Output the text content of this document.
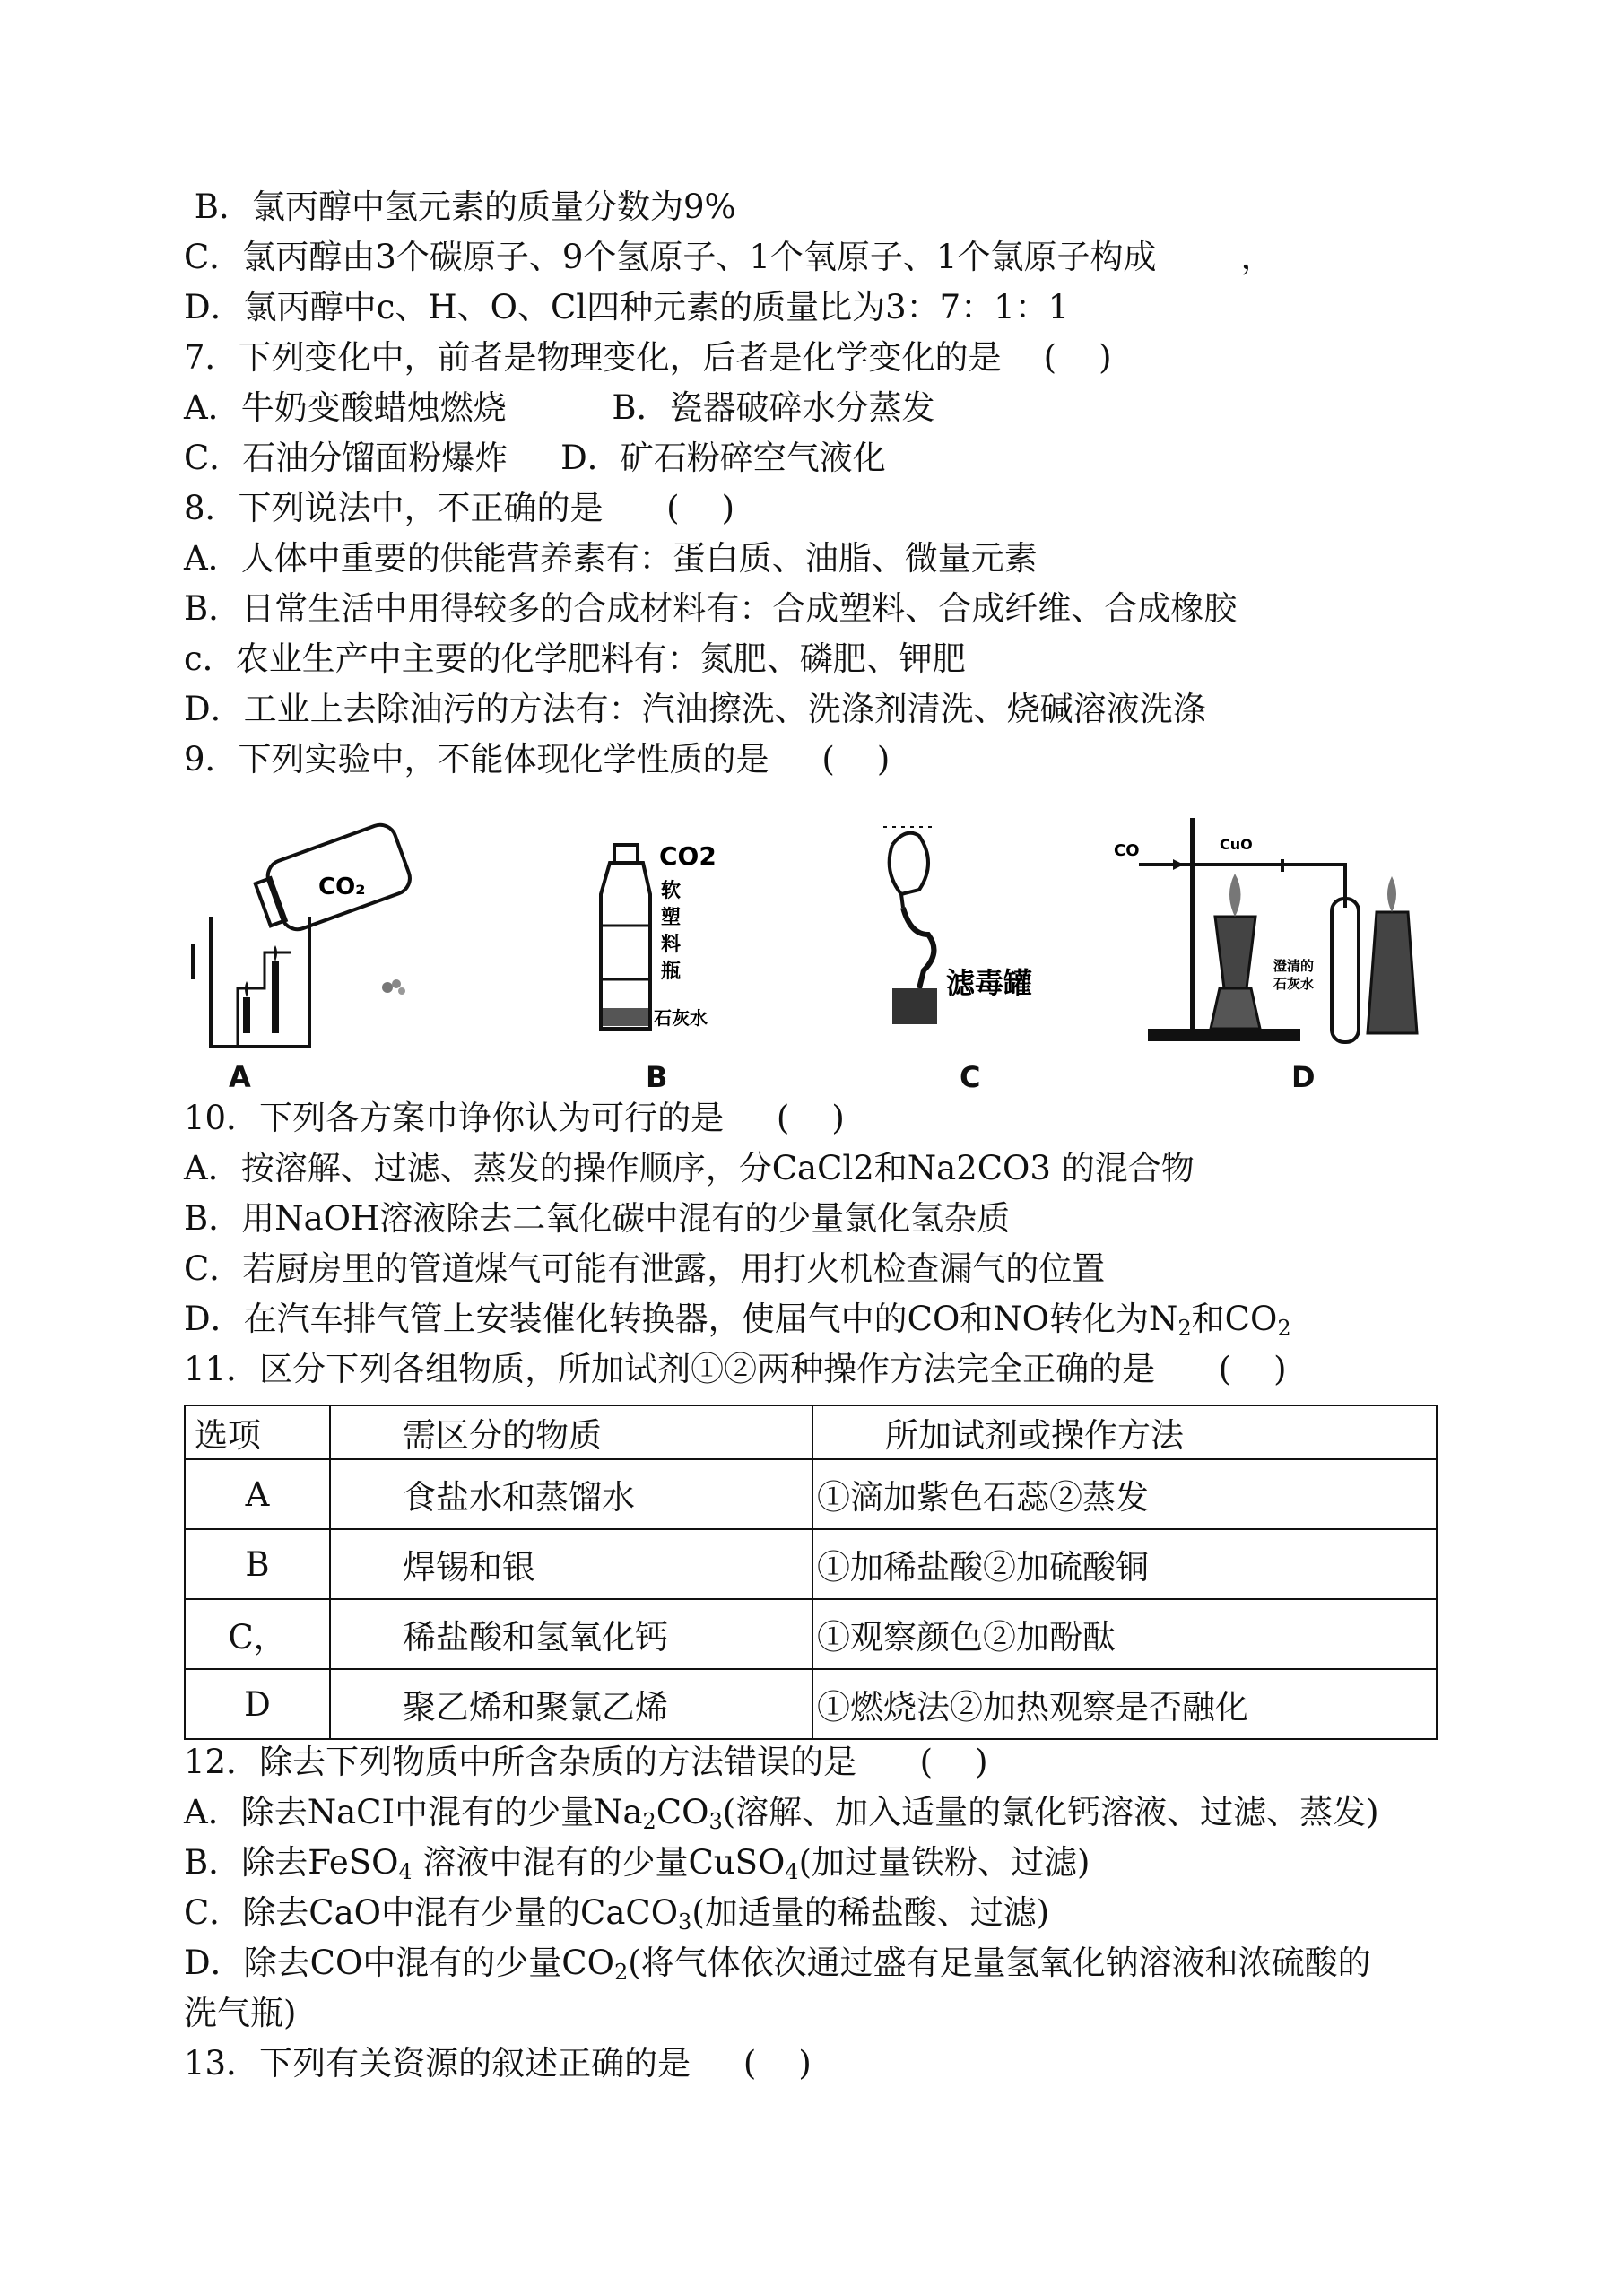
B．氯丙醇中氢元素的质量分数为9%
C．氯丙醇由3个碳原子、9个氢原子、1个氧原子、1个氯原子构成        ，
D．氯丙醇中c、H、O、Cl四种元素的质量比为3：7：1：1
7．下列变化中，前者是物理变化，后者是化学变化的是    (    )
A．牛奶变酸蜡烛燃烧          B．瓷器破碎水分蒸发
C．石油分馏面粉爆炸     D．矿石粉碎空气液化
8．下列说法中，不正确的是      (    )
A．人体中重要的供能营养素有：蛋白质、油脂、微量元素
B．日常生活中用得较多的合成材料有：合成塑料、合成纤维、合成橡胶
c．农业生产中主要的化学肥料有：氮肥、磷肥、钾肥
D．工业上去除油污的方法有：汽油擦洗、洗涤剂清洗、烧碱溶液洗涤
9．下列实验中，不能体现化学性质的是     (    )
CO₂
A
CO2
软
塑
料
瓶
石灰水
B
滤毒罐
C
CO	CuO
澄清的
石灰水
D
10．下列各方案巾诤你认为可行的是     (    )
A．按溶解、过滤、蒸发的操作顺序，分CaCl2和Na2CO3 的混合物
B．用NaOH溶液除去二氧化碳中混有的少量氯化氢杂质
C．若厨房里的管道煤气可能有泄露，用打火机检查漏气的位置
D．在汽车排气管上安装催化转换器，使届气中的CO和NO转化为$N_2$和$CO_2$
11．区分下列各组物质，所加试剂①②两种操作方法完全正确的是      (    )
选项	需区分的物质	所加试剂或操作方法
A	食盐水和蒸馏水	①滴加紫色石蕊②蒸发
B	焊锡和银	①加稀盐酸②加硫酸铜
C，	稀盐酸和氢氧化钙	①观察颜色②加酚酞
D	聚乙烯和聚氯乙烯	①燃烧法②加热观察是否融化
12．除去下列物质中所含杂质的方法错误的是      (    )
A．除去NaCI中混有的少量$Na_2CO_3$(溶解、加入适量的氯化钙溶液、过滤、蒸发)
B．除去FeSO$_4$ 溶液中混有的少量CuSO$_4$(加过量铁粉、过滤)
C．除去CaO中混有少量的CaCO$_3$(加适量的稀盐酸、过滤)
D．除去CO中混有的少量$CO_2$(将气体依次通过盛有足量氢氧化钠溶液和浓硫酸的
洗气瓶)
13．下列有关资源的叙述正确的是     (    )
